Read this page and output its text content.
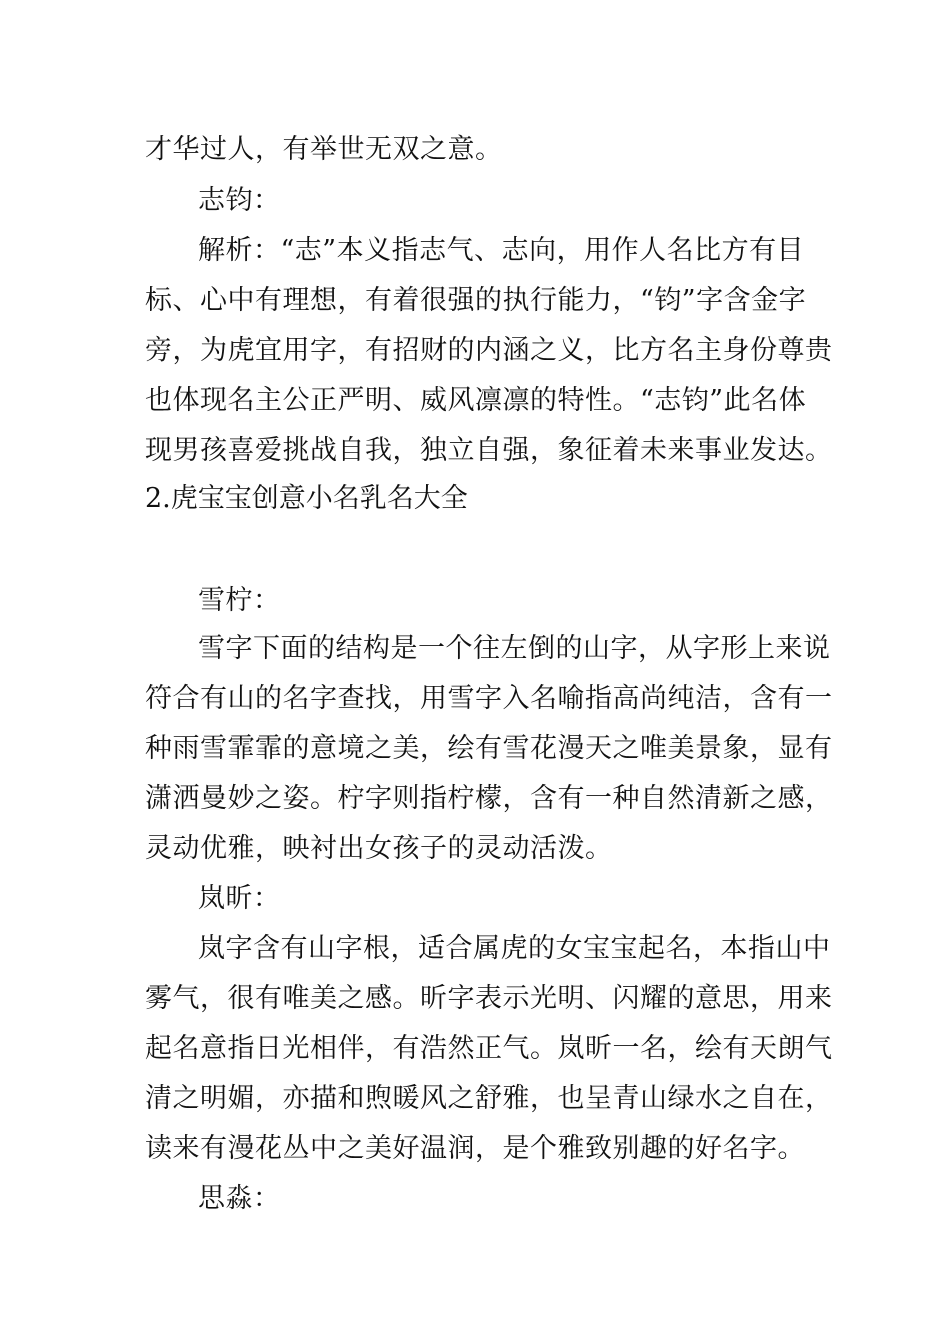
才华过人，有举世无双之意。
志钧：
解析：“志”本义指志气、志向，用作人名比方有目
标、心中有理想，有着很强的执行能力，“钧”字含金字
旁，为虎宜用字，有招财的内涵之义，比方名主身份尊贵
也体现名主公正严明、威风凛凛的特性。“志钧”此名体
现男孩喜爱挑战自我，独立自强，象征着未来事业发达。
2.虎宝宝创意小名乳名大全
雪柠：
雪字下面的结构是一个往左倒的山字，从字形上来说
符合有山的名字查找，用雪字入名喻指高尚纯洁，含有一
种雨雪霏霏的意境之美，绘有雪花漫天之唯美景象，显有
潇洒曼妙之姿。柠字则指柠檬，含有一种自然清新之感，
灵动优雅，映衬出女孩子的灵动活泼。
岚昕：
岚字含有山字根，适合属虎的女宝宝起名，本指山中
雾气，很有唯美之感。昕字表示光明、闪耀的意思，用来
起名意指日光相伴，有浩然正气。岚昕一名，绘有天朗气
清之明媚，亦描和煦暖风之舒雅，也呈青山绿水之自在，
读来有漫花丛中之美好温润，是个雅致别趣的好名字。
思淼：
